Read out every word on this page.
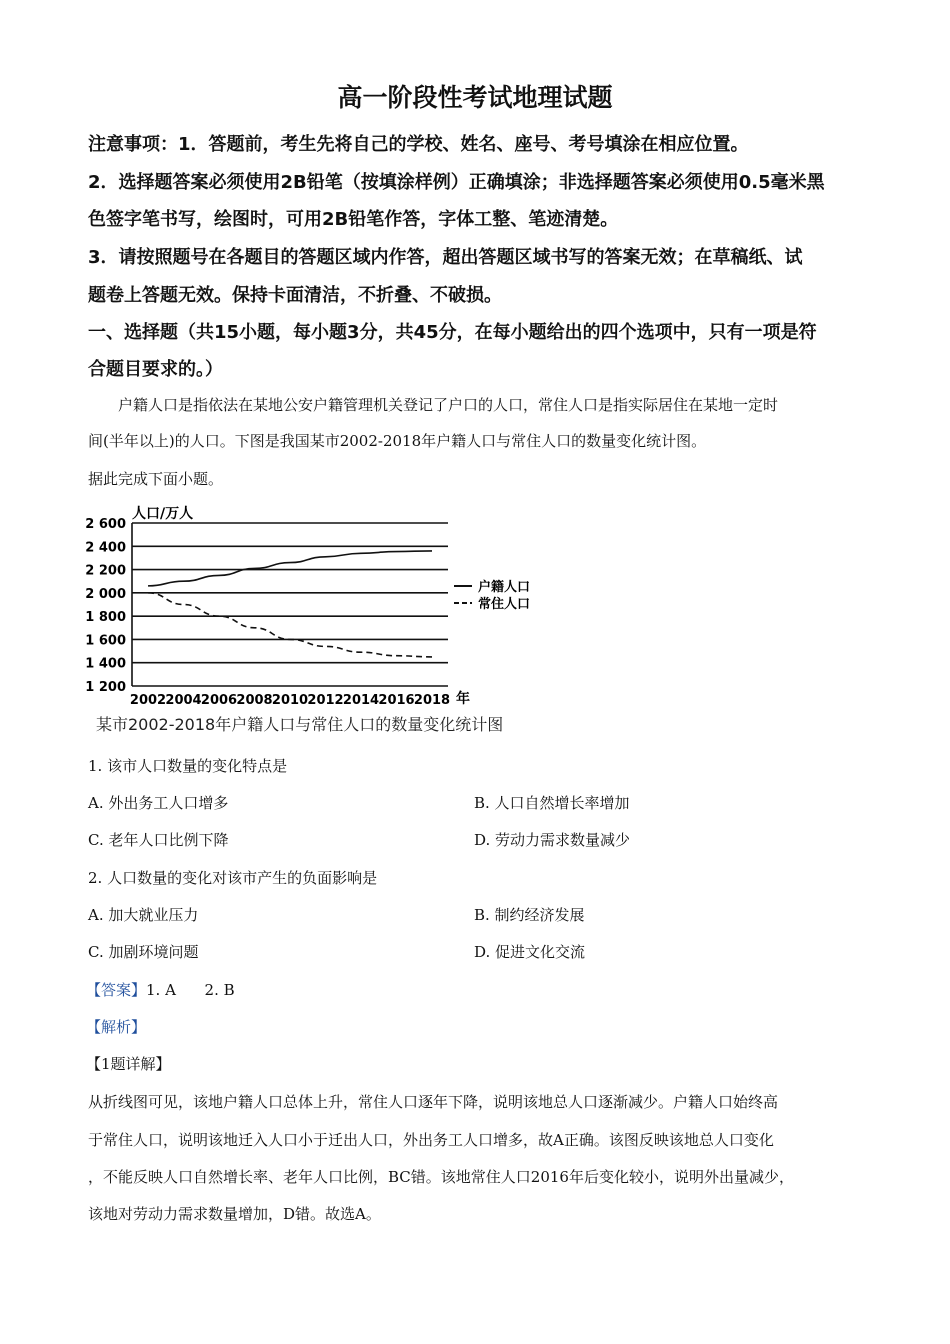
高一阶段性考试地理试题
注意事项：1．答题前，考生先将自己的学校、姓名、座号、考号填涂在相应位置。
2．选择题答案必须使用2B铅笔（按填涂样例）正确填涂；非选择题答案必须使用0.5毫米黑
色签字笔书写，绘图时，可用2B铅笔作答，字体工整、笔迹清楚。
3．请按照题号在各题目的答题区域内作答，超出答题区域书写的答案无效；在草稿纸、试
题卷上答题无效。保持卡面清洁，不折叠、不破损。
一、选择题（共15小题，每小题3分，共45分，在每小题给出的四个选项中，只有一项是符
合题目要求的。）
户籍人口是指依法在某地公安户籍管理机关登记了户口的人口，常住人口是指实际居住在某地一定时
间(半年以上)的人口。下图是我国某市2002-2018年户籍人口与常住人口的数量变化统计图。
据此完成下面小题。
人口/万人
1 200
1 400
1 600
1 800
2 000
2 200
2 400
2 600
2002 2004 2006 2008 2010 2012 2014 2016 2018 年
户籍人口
常住人口
某市2002-2018年户籍人口与常住人口的数量变化统计图
1. 该市人口数量的变化特点是
A. 外出务工人口增多	B. 人口自然增长率增加
C. 老年人口比例下降	D. 劳动力需求数量减少
2. 人口数量的变化对该市产生的负面影响是
A. 加大就业压力	B. 制约经济发展
C. 加剧环境问题	D. 促进文化交流
【答案】1. A      2. B
【解析】
【1题详解】
从折线图可见，该地户籍人口总体上升，常住人口逐年下降，说明该地总人口逐渐减少。户籍人口始终高
于常住人口，说明该地迁入人口小于迁出人口，外出务工人口增多，故A正确。该图反映该地总人口变化
，不能反映人口自然增长率、老年人口比例，BC错。该地常住人口2016年后变化较小，说明外出量减少，
该地对劳动力需求数量增加，D错。故选A。
